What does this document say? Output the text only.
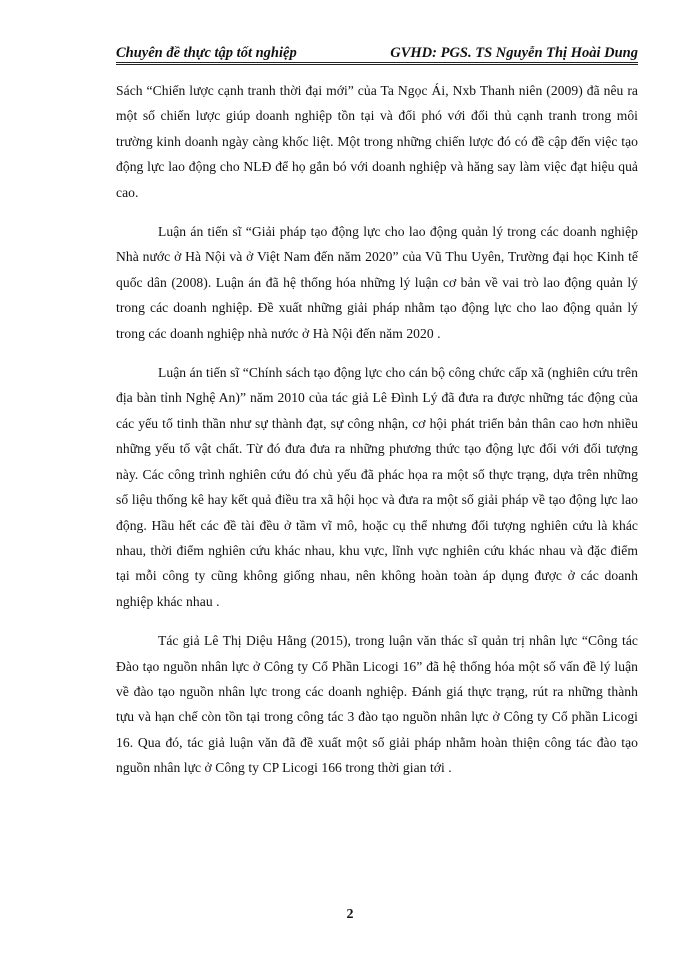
Chuyên đề thực tập tốt nghiệp	GVHD: PGS. TS Nguyễn Thị Hoài Dung

Sách “Chiến lược cạnh tranh thời đại mới” của Ta Ngọc Ái, Nxb Thanh niên (2009) đã nêu ra một số chiến lược giúp doanh nghiệp tồn tại và đối phó với đối thủ cạnh tranh trong môi trường kinh doanh ngày càng khốc liệt. Một trong những chiến lược đó có đề cập đến việc tạo động lực lao động cho NLĐ để họ gắn bó với doanh nghiệp và hăng say làm việc đạt hiệu quả cao.

Luận án tiến sĩ “Giải pháp tạo động lực cho lao động quản lý trong các doanh nghiệp Nhà nước ở Hà Nội và ở Việt Nam đến năm 2020” của Vũ Thu Uyên, Trường đại học Kinh tế quốc dân (2008). Luận án đã hệ thống hóa những lý luận cơ bản về vai trò lao động quản lý trong các doanh nghiệp. Đề xuất những giải pháp nhằm tạo động lực cho lao động quản lý trong các doanh nghiệp nhà nước ở Hà Nội đến năm 2020 .

Luận án tiến sĩ “Chính sách tạo động lực cho cán bộ công chức cấp xã (nghiên cứu trên địa bàn tỉnh Nghệ An)” năm 2010 của tác giả Lê Đình Lý đã đưa ra được những tác động của các yếu tố tinh thần như sự thành đạt, sự công nhận, cơ hội phát triển bản thân cao hơn nhiều những yếu tố vật chất. Từ đó đưa đưa ra những phương thức tạo động lực đối với đối tượng này. Các công trình nghiên cứu đó chủ yếu đã phác họa ra một số thực trạng, dựa trên những số liệu thống kê hay kết quả điều tra xã hội học và đưa ra một số giải pháp về tạo động lực lao động. Hầu hết các đề tài đều ở tầm vĩ mô, hoặc cụ thể nhưng đối tượng nghiên cứu là khác nhau, thời điểm nghiên cứu khác nhau, khu vực, lĩnh vực nghiên cứu khác nhau và đặc điểm tại mỗi công ty cũng không giống nhau, nên không hoàn toàn áp dụng được ở các doanh nghiệp khác nhau .

Tác giả Lê Thị Diệu Hằng (2015), trong luận văn thác sĩ quản trị nhân lực “Công tác Đào tạo nguồn nhân lực ở Công ty Cổ Phần Licogi 16” đã hệ thống hóa một số vấn đề lý luận về đào tạo nguồn nhân lực trong các doanh nghiệp. Đánh giá thực trạng, rút ra những thành tựu và hạn chế còn tồn tại trong công tác 3 đào tạo nguồn nhân lực ở Công ty Cổ phần Licogi 16. Qua đó, tác giả luận văn đã đề xuất một số giải pháp nhằm hoàn thiện công tác đào tạo nguồn nhân lực ở Công ty CP Licogi 166 trong thời gian tới .

2
